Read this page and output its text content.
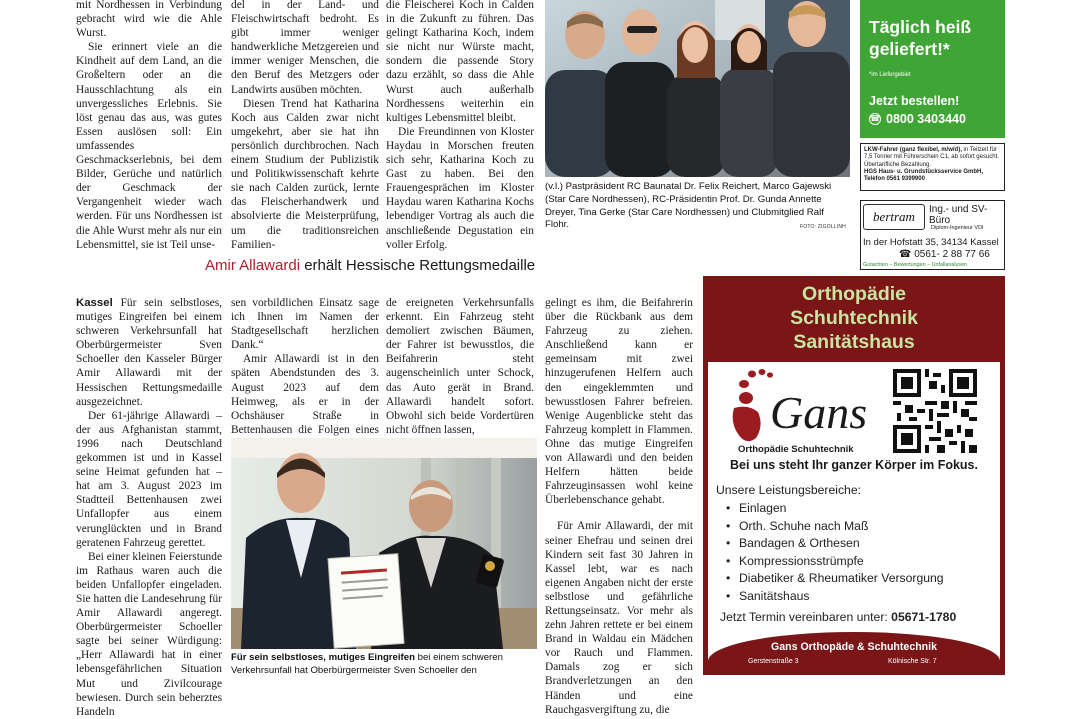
mit Nordhessen in Verbindung gebracht wird wie die Ahle Wurst.

Sie erinnert viele an die Kindheit auf dem Land, an die Großeltern oder an die Hausschlachtung als ein unvergessliches Erlebnis. Sie löst genau das aus, was gutes Essen auslösen soll: Ein umfassendes Geschmackserlebnis, bei dem Bilder, Gerüche und natürlich der Geschmack der Vergangenheit wieder wach werden. Für uns Nordhessen ist die Ahle Wurst mehr als nur ein Lebensmittel, sie ist Teil unse-

del in der Land- und Fleischwirtschaft bedroht. Es gibt immer weniger handwerkliche Metzgereien und immer weniger Menschen, die den Beruf des Metzgers oder Landwirts ausüben möchten.

Diesen Trend hat Katharina Koch aus Calden zwar nicht umgekehrt, aber sie hat ihn persönlich durchbrochen. Nach einem Studium der Publizistik und Politikwissenschaft kehrte sie nach Calden zurück, lernte das Fleischerhandwerk und absolvierte die Meisterprüfung, um die traditionsreichen Familien-

die Fleischerei Koch in Calden in die Zukunft zu führen. Das gelingt Katharina Koch, indem sie nicht nur Würste macht, sondern die passende Story dazu erzählt, so dass die Ahle Wurst auch außerhalb Nordhessens weiterhin ein kultiges Lebensmittel bleibt.

Die Freundinnen von Kloster Haydau in Morschen freuten sich sehr, Katharina Koch zu Gast zu haben. Bei den Frauengesprächen im Kloster Haydau waren Katharina Kochs lebendiger Vortrag als auch die anschließende Degustation ein voller Erfolg.

(v.l.) Pastpräsident RC Baunatal Dr. Felix Reichert, Marco Gajewski (Star Care Nordhessen), RC-Präsidentin Prof. Dr. Gunda Annette Dreyer, Tina Gerke (Star Care Nordhessen) und Clubmitglied Ralf Flohr.	FOTO: ZIGOLLINH
Amir Allawardi erhält Hessische Rettungsmedaille

Kassel Für sein selbstloses, mutiges Eingreifen bei einem schweren Verkehrsunfall hat Oberbürgermeister Sven Schoeller den Kasseler Bürger Amir Allawardi mit der Hessischen Rettungsmedaille ausgezeichnet.

Der 61-jährige Allawardi – der aus Afghanistan stammt, 1996 nach Deutschland gekommen ist und in Kassel seine Heimat gefunden hat – hat am 3. August 2023 im Stadtteil Bettenhausen zwei Unfallopfer aus einem verunglückten und in Brand geratenen Fahrzeug gerettet.

Bei einer kleinen Feierstunde im Rathaus waren auch die beiden Unfallopfer eingeladen. Sie hatten die Landesehrung für Amir Allawardi angeregt. Oberbürgermeister Schoeller sagte bei seiner Würdigung: „Herr Allawardi hat in einer lebensgefährlichen Situation Mut und Zivilcourage bewiesen. Durch sein beherztes Handeln

sen vorbildlichen Einsatz sage ich Ihnen im Namen der Stadtgesellschaft herzlichen Dank.“

Amir Allawardi ist in den späten Abendstunden des 3. August 2023 auf dem Heimweg, als er in der Ochshäuser Straße in Bettenhausen die Folgen eines

de ereigneten Verkehrsunfalls erkennt. Ein Fahrzeug steht demoliert zwischen Bäumen, der Fahrer ist bewusstlos, die Beifahrerin steht augenscheinlich unter Schock, das Auto gerät in Brand. Allawardi handelt sofort. Obwohl sich beide Vordertüren nicht öffnen lassen,

gelingt es ihm, die Beifahrerin über die Rückbank aus dem Fahrzeug zu ziehen. Anschließend kann er gemeinsam mit zwei hinzugerufenen Helfern auch den eingeklemmten und bewusstlosen Fahrer befreien. Wenige Augenblicke steht das Fahrzeug komplett in Flammen. Ohne das mutige Eingreifen von Allawardi und den beiden Helfern hätten beide Fahrzeuginsassen wohl keine Überlebenschance gehabt.

Für Amir Allawardi, der mit seiner Ehefrau und seinen drei Kindern seit fast 30 Jahren in Kassel lebt, war es nach eigenen Angaben nicht der erste selbstlose und gefährliche Rettungseinsatz. Vor mehr als zehn Jahren rettete er bei einem Brand in Waldau ein Mädchen vor Rauch und Flammen. Damals zog er sich Brandverletzungen an den Händen und eine Rauchgasvergiftung zu, die

Für sein selbstloses, mutiges Eingreifen bei einem schweren Verkehrsunfall hat Oberbürgermeister Sven Schoeller den
Täglich heiß
geliefert!*
*im Liefergebiet
Jetzt bestellen!
☎ 0800 3403440
LKW-Fahrer (ganz flexibel, m/w/d), in Teilzeit für 7,5 Tonner mit Führerschein C1, ab sofort gesucht. Übertarifliche Bezahlung.
HGS Haus- u. Grundstücksservice GmbH, Telefon 0561 9399900
bertram	Ing.- und SV-Büro
Diplom-Ingenieur VDI
In der Hofstatt 35, 34134 Kassel
☎ 0561- 2 88 77 66
Gutachten – Bewertungen – Unfallanalysen
Orthopädie
Schuhtechnik
Sanitätshaus
Gans
Orthopädie Schuhtechnik
Bei uns steht Ihr ganzer Körper im Fokus.
Unsere Leistungsbereiche:
• Einlagen
• Orth. Schuhe nach Maß
• Bandagen & Orthesen
• Kompressionsstrümpfe
• Diabetiker & Rheumatiker Versorgung
• Sanitätshaus
Jetzt Termin vereinbaren unter: 05671-1780
Gans Orthopäde & Schuhtechnik
Gerstenstraße 3	Kölnische Str. 7
